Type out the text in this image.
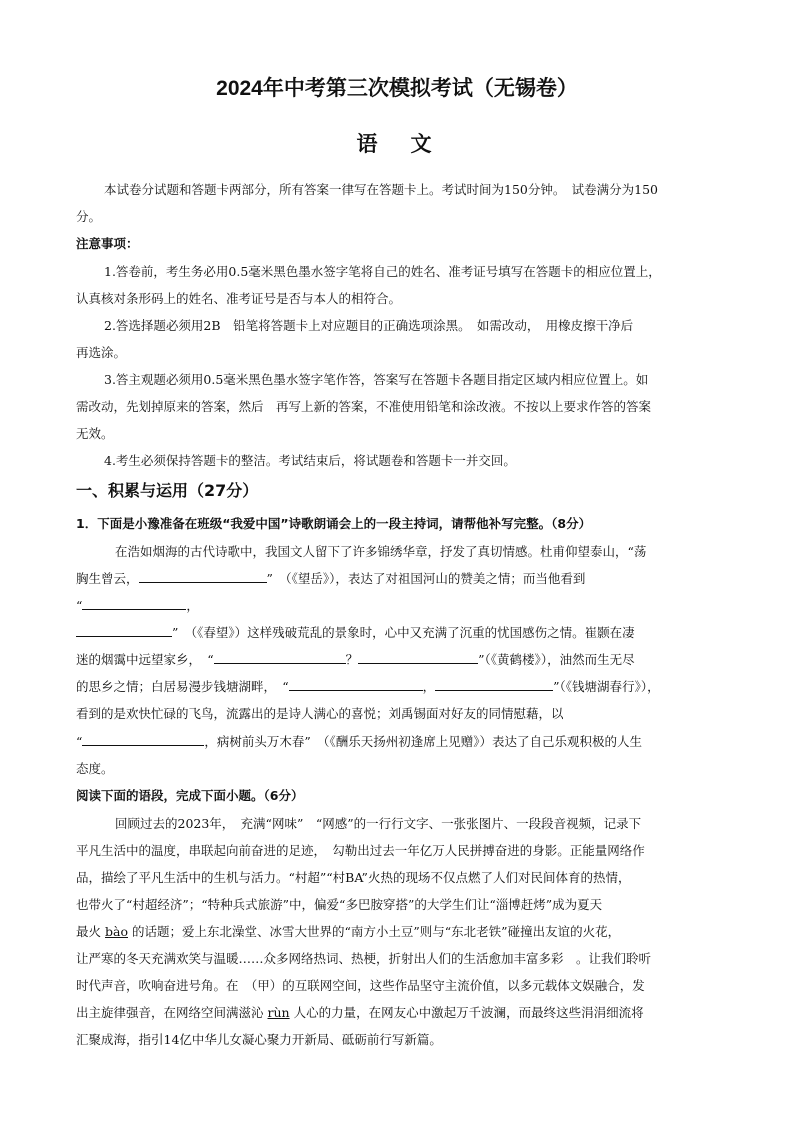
2024年中考第三次模拟考试（无锡卷）
语　文
本试卷分试题和答题卡两部分，所有答案一律写在答题卡上。考试时间为150分钟。　试卷满分为150
分。
注意事项：
1.答卷前，考生务必用0.5毫米黑色墨水签字笔将自己的姓名、准考证号填写在答题卡的相应位置上，
认真核对条形码上的姓名、准考证号是否与本人的相符合。
2.答选择题必须用2B　铅笔将答题卡上对应题目的正确选项涂黑。　如需改动，　用橡皮擦干净后
再选涂。
3.答主观题必须用0.5毫米黑色墨水签字笔作答，答案写在答题卡各题目指定区域内相应位置上。如
需改动，先划掉原来的答案，然后　再写上新的答案，不准使用铅笔和涂改液。不按以上要求作答的答案
无效。
4.考生必须保持答题卡的整洁。考试结束后，将试题卷和答题卡一并交回。
一、积累与运用（27分）
1．下面是小豫准备在班级“我爱中国”诗歌朗诵会上的一段主持词，请帮他补写完整。（8分）
在浩如烟海的古代诗歌中，我国文人留下了许多锦绣华章，抒发了真切情感。杜甫仰望泰山，“荡
胸生曾云，	”　（《望岳》），表达了对祖国河山的赞美之情；而当他看到
“	，
”　（《春望》）这样残破荒乱的景象时，心中又充满了沉重的忧国感伤之情。崔颢在凄
迷的烟霭中远望家乡，　“	？	”（《黄鹤楼》），油然而生无尽
的思乡之情；白居易漫步钱塘湖畔，　“	，	”（《钱塘湖春行》），
看到的是欢快忙碌的飞鸟，流露出的是诗人满心的喜悦；刘禹锡面对好友的同情慰藉，以
“	，病树前头万木春”　（《酬乐天扬州初逢席上见赠》）表达了自己乐观积极的人生
态度。
阅读下面的语段，完成下面小题。（6分）
回顾过去的2023年，　充满“网味”　“网感”的一行行文字、一张张图片、一段段音视频，记录下
平凡生活中的温度，串联起向前奋进的足迹，　勾勒出过去一年亿万人民拼搏奋进的身影。正能量网络作
品，描绘了平凡生活中的生机与活力。“村超”“村BA”火热的现场不仅点燃了人们对民间体育的热情，
也带火了“村超经济”；“特种兵式旅游”中，偏爱“多巴胺穿搭”的大学生们让“淄博赶烤”成为夏天
最火 bào 的话题；爱上东北澡堂、冰雪大世界的“南方小土豆”则与“东北老铁”碰撞出友谊的火花，
让严寒的冬天充满欢笑与温暖……众多网络热词、热梗，折射出人们的生活愈加丰富多彩　。让我们聆听
时代声音，吹响奋进号角。在　（甲）的互联网空间，这些作品坚守主流价值，以多元载体文娱融合，发
出主旋律强音，在网络空间满滋沁 rùn 人心的力量，在网友心中激起万千波澜，而最终这些涓涓细流将
汇聚成海，指引14亿中华儿女凝心聚力开新局、砥砺前行写新篇。
